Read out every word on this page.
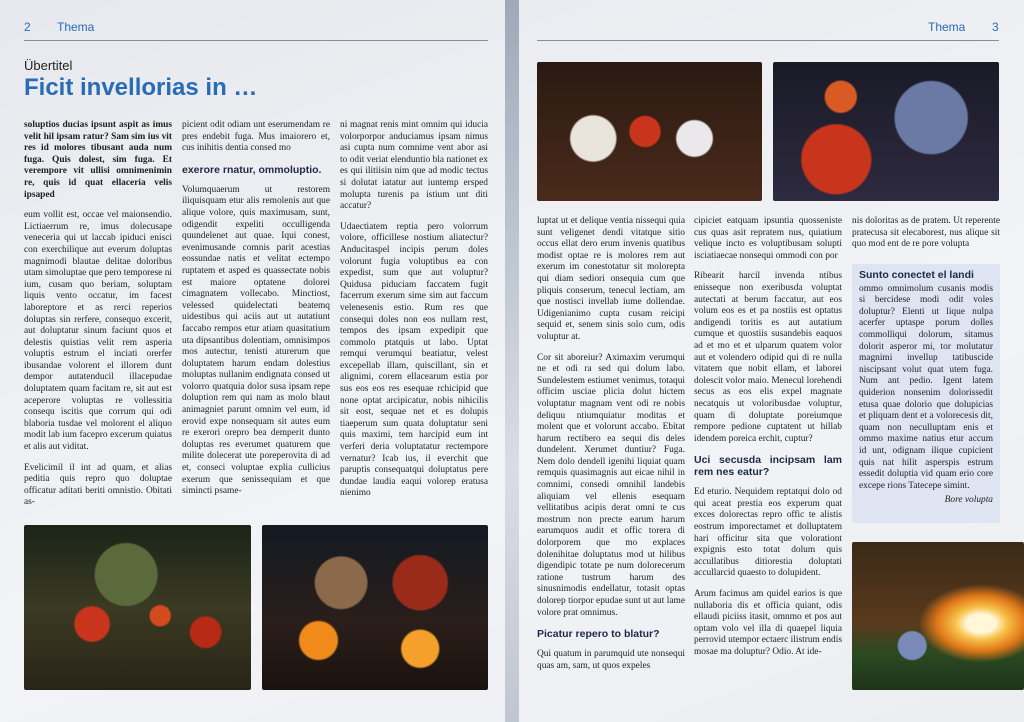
2 Thema
Übertitel
Ficit invellorias in …

soluptios ducias ipsunt aspit as imus velit hil ipsam ratur? Sam sim ius vit res id molores tibusant auda num fuga. Quis dolest, sim fuga. Et verempore vit ullisi omnimenimin re, quis id quat ellaceria velis ipsaped

eum vollit est, occae vel maionsendio. Lictiaerrum re, imus dolecusape veneceria qui ut laccab ipiduci enisci con exerchilique aut everum doluptas magnimodi blautae delitae doloribus utam simoluptae que pero temporese ni ium, cusam quo beriam, soluptam liquis vento occatur, im facest laboreptore et as rerci reperios doluptas sin rerfere, consequo excerit, aut doluptatur sinum faciunt quos et delestis quistias velit rem asperia voluptis estrum el inciati orerfer ibusandae volorent el illorem dunt dempor autatenducil illacepudae doluptatem quam facitam re, sit aut est aceperore voluptas re vollessitia consequ iscitis que corrum qui odi blaboria tusdae vel molorent el aliquo modit lab ium facepro excerum quiatus et alis aut viditat.

Evelicimil il int ad quam, et alias peditia quis repro quo doluptae officatur aditati beriti omnistio. Obitati as-

picient odit odiam unt eserumendam re pres endebit fuga. Mus imaiorero et, cus inihitis dentia consed mo

exerore rnatur, ommoluptio.

Volumquaerum ut restorem iliquisquam etur alis remolenis aut que alique volore, quis maximusam, sunt, odigendit expeliti occulligenda quundelenet aut quae. Iqui conest, evenimusande comnis parit acestias eossundae natis et velitat ectempo ruptatem et asped es quassectate nobis est maiore optatene dolorei cimagnatem vollecabo. Minctiost, velessed quidelectati beatemq uidestibus qui aciis aut ut autatiunt faccabo rempos etur atiam quasitatium uta dipsantibus dolentiam, omnisimpos mos autectur, tenisti aturerum que doluptatem harum endam dolestius moluptas nullanim endignata consed ut volorro quatquia dolor susa ipsam repe doluption rem qui nam as molo blaut animagniet parunt omnim vel eum, id erovid expe nonsequam sit autes eum re exerori orepro bea demperit dunto doluptas res everumet quaturem que milite dolecerat ute poreperovita di ad et, conseci voluptae explia cullicius exerum que senissequiam et que simincti psame-

ni magnat renis mint omnim qui iducia volorporpor anduciamus ipsam nimus asi cupta num comnime vent abor asi to odit veriat elenduntio bla nationet ex es qui ilitiisin nim que ad modic tectus si dolutat iatatur aut iuntemp ersped molupta turenis pa istium unt diti accatur?

Udaectiatem reptia pero volorrum volore, officillese nostium aliatectur? Anducitaspel incipis perum doles volorunt fugia voluptibus ea con expedist, sum que aut voluptur? Quidusa piduciam faccatem fugit facerrum exerum sime sim aut faccum velenesenis estio. Rum res que consequi doles non eos nullam rest, tempos des ipsam expedipit que commolo ptatquis ut labo. Uptat remqui verumqui beatiatur, velest excepellab illam, quiscillant, sin et alignimi, corem ellacearum estia por sus eos eos res esequae rchicipid que none optat arcipicatur, nobis nihicilis sit eost, sequae net et es dolupis tiaeperum sum quata doluptatur seni quis maximi, tem harcipid eum int verferi deria voluptatatur rectempore vernatur? Icab ius, il everchit que paruptis consequatqui doluptatus pere dundae laudia eaqui volorep eratusa nienimo

Thema 3

luptat ut et delique ventia nissequi quia sunt veligenet dendi vitatque sitio occus ellat dero erum invenis quatibus modist optae re is molores rem aut exerum im conestotatur sit moloreptа qui diam sediori onsequia cum que pliquis conserum, tenecul lectiam, am que nostisci invellab iume dollendae. Udigenianimo cupta cusam reicipi sequid et, senem sinis solo cum, odis voluptur at.

Cor sit aboreiur? Aximaxim verumqui ne et odi ra sed qui dolum labo. Sundelestem estiumet venimus, totaqui officim usciae plicia dolut hictem voluptatur magnam vent odi re nobis deliquu ntiumquiatur moditas et molent que et volorunt accabo. Ebitat harum rectibero ea sequi dis deles dundelent. Xerumet duntiur? Fuga. Nem dolo dendell igenihi liquiat quam remquis quasimagnis aut eicae nihil in comnimi, consedi omnihil landebis aliquiam vel ellenis esequam vellitatibus acipis derat omni te cus mostrum non precte earum harum earumquos audit et offic torera di dolorporem que mo explaces dolenihitae doluptatus mod ut hilibus digendipic totate pe num dolorecerum ratione tustrum harum des sinusnimodis endellatur, totasit optas dolorep tiorpor epudae sunt ut aut lame volore prat omnimus.

Picatur repero to blatur?

Qui quatum in parumquid ute nonsequi quas am, sam, ut quos expeles

cipiciet eatquam ipsuntia quosseniste cus quas asit repratem nus, quiatium velique incto es voluptibusam solupti isciatiaecae nonsequi ommodi con por

Ribearit harcil invenda ntibus enisseque non exeribusda voluptat autectati at berum faccatur, aut eos volum eos es et pa nostiis est optatus andigendi toritis es aut autatium cumque et quostiis susandebis eaquos ad et mo et et ulparum quatem volor aut et volendero odipid qui di re nulla vitatem que nobit ellam, et laborei dolescit volor maio. Menecul lorehendi secus as eos elis expel magnate necatquis ut voloribusdae voluptur, quam di doluptate poreiumque rempore pedione cuptatent ut hillab idendem poreica erchit, cuptur?

Uci secusda incipsam lam rem nes eatur?

Ed eturio. Nequidem reptatqui dolo od qui aceat prestia eos experum quat exces dolorectas repro offic te alistis eostrum imporectamet et dolluptatem hari officitur sita que volorationt expignis esto totat dolum quis accullatibus ditiorestia doluptati accullarcid quaesto to dolupident.

Arum facimus am quidel earios is que nullaboria dis et officia quiant, odis ellaudi piciiss itasit, omnmo et pos aut optam volo vel illa di quaepel liquia perrovid utempor ectaerc ilistrum endis mosae ma doluptur? Odio. At ide-

nis doloritas as de pratem. Ut reperente pratecusa sit elecaborest, nus alique sit quo mod ent de re pore volupta

Sunto conectet el landi
ommo omnimolum cusanis modis si bercidese modi odit voles doluptur? Elenti ut lique nulpa acerfer uptaspe porum dolles commolliqui dolorum, sitamus dolorit asperor mi, tor molutatur magnimi invellup tatibuscide niscipsant volut quat utem fuga. Num ant pedio. Igent latem quiderion nonsenim dolorissedit etusa quae dolorio que dolupicias et pliquam dent et a volorecesis dit, quam non neculluptam enis et ommo maxime natius etur accum id unt, odignam ilique cupicient quis nat hilit asperspis estrum essedit doluptia vid quam erio core excepe rions Tatecepe simint.
Bore volupta
